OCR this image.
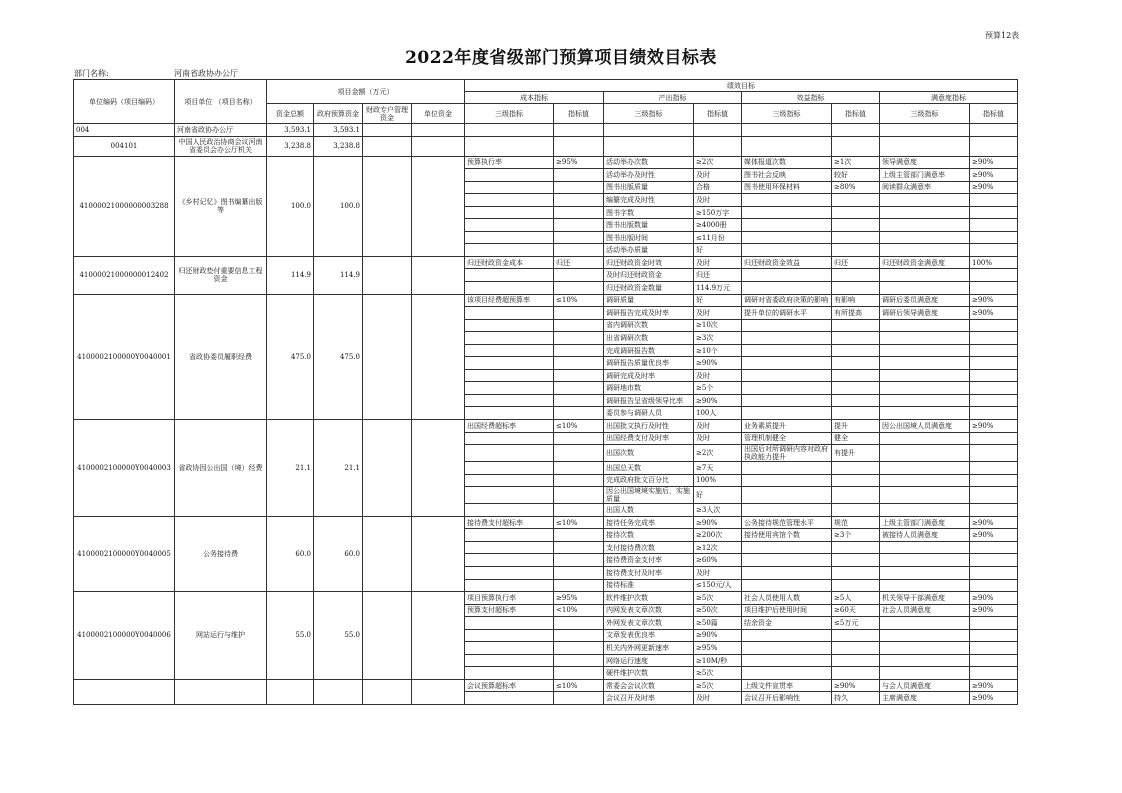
预算12表
2022年度省级部门预算项目绩效目标表
部门名称:	河南省政协办公厅
单位编码（项目编码）	项目单位 （项目名称）	项目金额（万元）				绩效目标							
						成本指标		产出指标		效益指标		满意度指标	
		资金总额	政府预算资金	财政专户管理资金	单位资金	三级指标	指标值	三级指标	指标值	三级指标	指标值	三级指标	指标值
004	河南省政协办公厅	3,593.1	3,593.1										
004101	中国人民政治协商会议河南省委员会办公厅机关	3,238.8	3,238.8										
41000021000000003288	《乡村记忆》图书编纂出版等	100.0	100.0			预算执行率	≥95%	活动举办次数	≥2次	媒体报道次数	≥1次	领导满意度	≥90%
								活动举办及时性	及时	图书社会反映	较好	上级主管部门满意率	≥90%
								图书出版质量	合格	图书使用环保材料	≥80%	阅读群众满意率	≥90%
								编纂完成及时性	及时				
								图书字数	≥150万字				
								图书出版数量	≥4000册				
								图书出版时间	≤11月份				
								活动举办质量	好				
41000021000000012402	归还财政垫付重要信息工程资金	114.9	114.9			归还财政资金成本	归还	归还财政资金时效	及时	归还财政资金效益	归还	归还财政资金满意度	100%
								及时归还财政资金	归还				
								归还财政资金数量	114.9万元				
4100002100000Y0040001	省政协委员履职经费	475.0	475.0			该项目经费超预算率	≤10%	调研质量	好	调研对省委政府决策的影响	有影响	调研后委员满意度	≥90%
								调研报告完成及时率	及时	提升单位的调研水平	有所提高	调研后领导满意度	≥90%
								省内调研次数	≥10次				
								出省调研次数	≥3次				
								完成调研报告数	≥10个				
								调研报告质量优良率	≥90%				
								调研完成及时率	及时				
								调研地市数	≥5个				
								调研报告呈省级领导比率	≥90%				
								委员参与调研人员	100人				
4100002100000Y0040003	省政协因公出国（境）经费	21.1	21.1			出国经费超标率	≤10%	出国批文执行及时性	及时	业务素质提升	提升	因公出国境人员满意度	≥90%
								出国经费支付及时率	及时	管理机制健全	健全		
								出国次数	≥2次	出国后对所调研内容对政府执政能力提升	有提升		
								出国总天数	≥7天				
								完成政府批文百分比	100%				
								因公出国境境实施后，实施质量	好				
								出国人数	≥3人次				
4100002100000Y0040005	公务接待费	60.0	60.0			接待费支付超标率	≤10%	接待任务完成率	≥90%	公务接待规范管理水平	规范	上级主管部门满意度	≥90%
								接待次数	≥200次	接待使用宾馆个数	≥3个	被接待人员满意度	≥90%
								支付接待费次数	≥12次				
								接待费资金支付率	≥60%				
								接待费支付及时率	及时				
								接待标准	≤150元/人				
4100002100000Y0040006	网站运行与维护	55.0	55.0			项目预算执行率	≥95%	软件维护次数	≥5次	社会人员使用人数	≥5人	机关领导干部满意度	≥90%
						预算支付超标率	<10%	内网发表文章次数	≥50次	项目维护后使用时间	≥60天	社会人员满意度	≥90%
								外网发表文章次数	≥50篇	结余资金	≤5万元		
								文章发表优良率	≥90%				
								机关内外网更新速率	≥95%				
								网络运行速度	≥10M/秒				
								硬件维护次数	≥5次				
						会议预算超标率	≤10%	常委会会议次数	≥5次	上级文件宣贯率	≥90%	与会人员满意度	≥90%
								会议召开及时率	及时	会议召开后影响性	持久	主席满意度	≥90%
